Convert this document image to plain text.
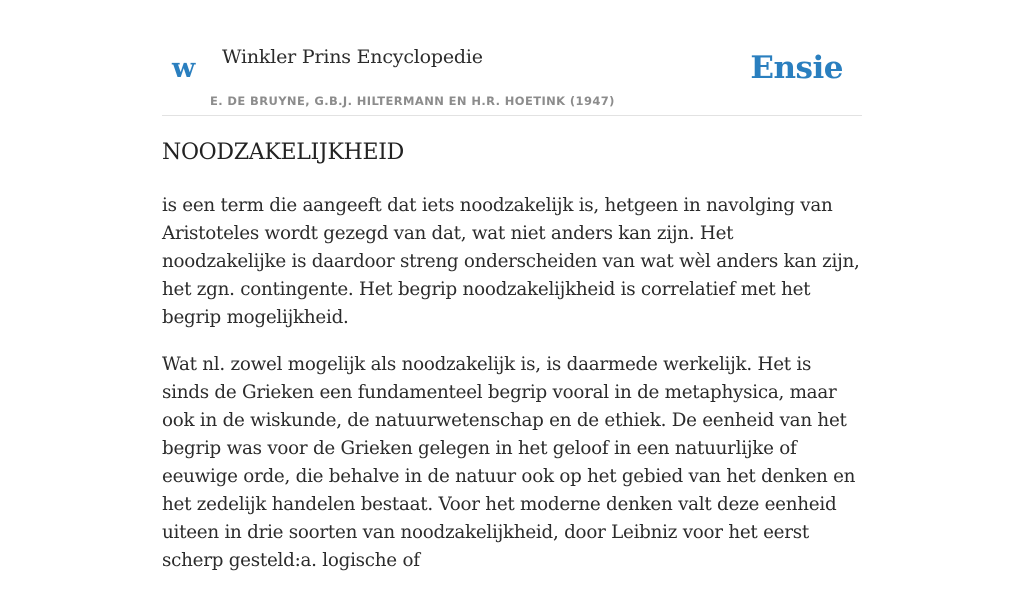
w Winkler Prins Encyclopedie
E. DE BRUYNE, G.B.J. HILTERMANN EN H.R. HOETINK (1947)
Ensie
NOODZAKELIJKHEID

is een term die aangeeft dat iets noodzakelijk is, hetgeen in navolging van Aristoteles wordt gezegd van dat, wat niet anders kan zijn. Het noodzakelijke is daardoor streng onderscheiden van wat wèl anders kan zijn, het zgn. contingente. Het begrip noodzakelijkheid is correlatief met het begrip mogelijkheid.

Wat nl. zowel mogelijk als noodzakelijk is, is daarmede werkelijk. Het is sinds de Grieken een fundamenteel begrip vooral in de metaphysica, maar ook in de wiskunde, de natuurwetenschap en de ethiek. De eenheid van het begrip was voor de Grieken gelegen in het geloof in een natuurlijke of eeuwige orde, die behalve in de natuur ook op het gebied van het denken en het zedelijk handelen bestaat. Voor het moderne denken valt deze eenheid uiteen in drie soorten van noodzakelijkheid, door Leibniz voor het eerst scherp gesteld:a. logische of
